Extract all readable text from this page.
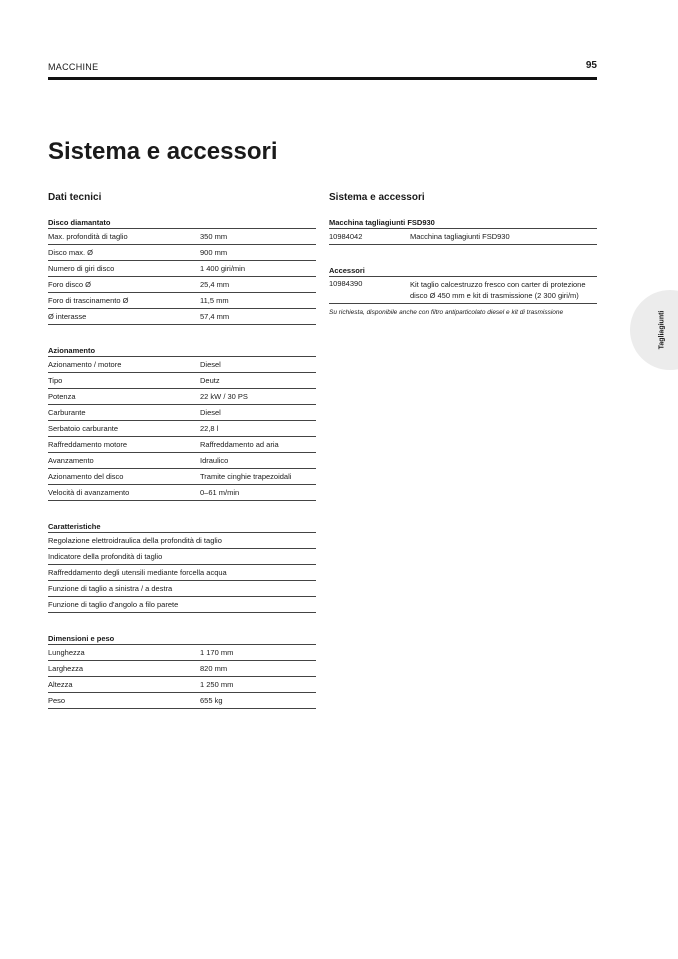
MACCHINE	95
Sistema e accessori
Dati tecnici	Sistema e accessori
Disco diamantato
Max. profondità di taglio	350 mm
Disco max. Ø	900 mm
Numero di giri disco	1 400 giri/min
Foro disco Ø	25,4 mm
Foro di trascinamento Ø	11,5 mm
Ø interasse	57,4 mm
Azionamento
Azionamento / motore	Diesel
Tipo	Deutz
Potenza	22 kW / 30 PS
Carburante	Diesel
Serbatoio carburante	22,8 l
Raffreddamento motore	Raffreddamento ad aria
Avanzamento	Idraulico
Azionamento del disco	Tramite cinghie trapezoidali
Velocità di avanzamento	0–61 m/min
Caratteristiche
Regolazione elettroidraulica della profondità di taglio
Indicatore della profondità di taglio
Raffreddamento degli utensili mediante forcella acqua
Funzione di taglio a sinistra / a destra
Funzione di taglio d'angolo a filo parete
Dimensioni e peso
Lunghezza	1 170 mm
Larghezza	820 mm
Altezza	1 250 mm
Peso	655 kg
Macchina tagliagiunti FSD930
10984042	Macchina tagliagiunti FSD930
Accessori
10984390	Kit taglio calcestruzzo fresco con carter di protezione disco Ø 450 mm e kit di trasmissione (2 300 giri/m)
Su richiesta, disponibile anche con filtro antiparticolato diesel e kit di trasmissione	Tagliagiunti
